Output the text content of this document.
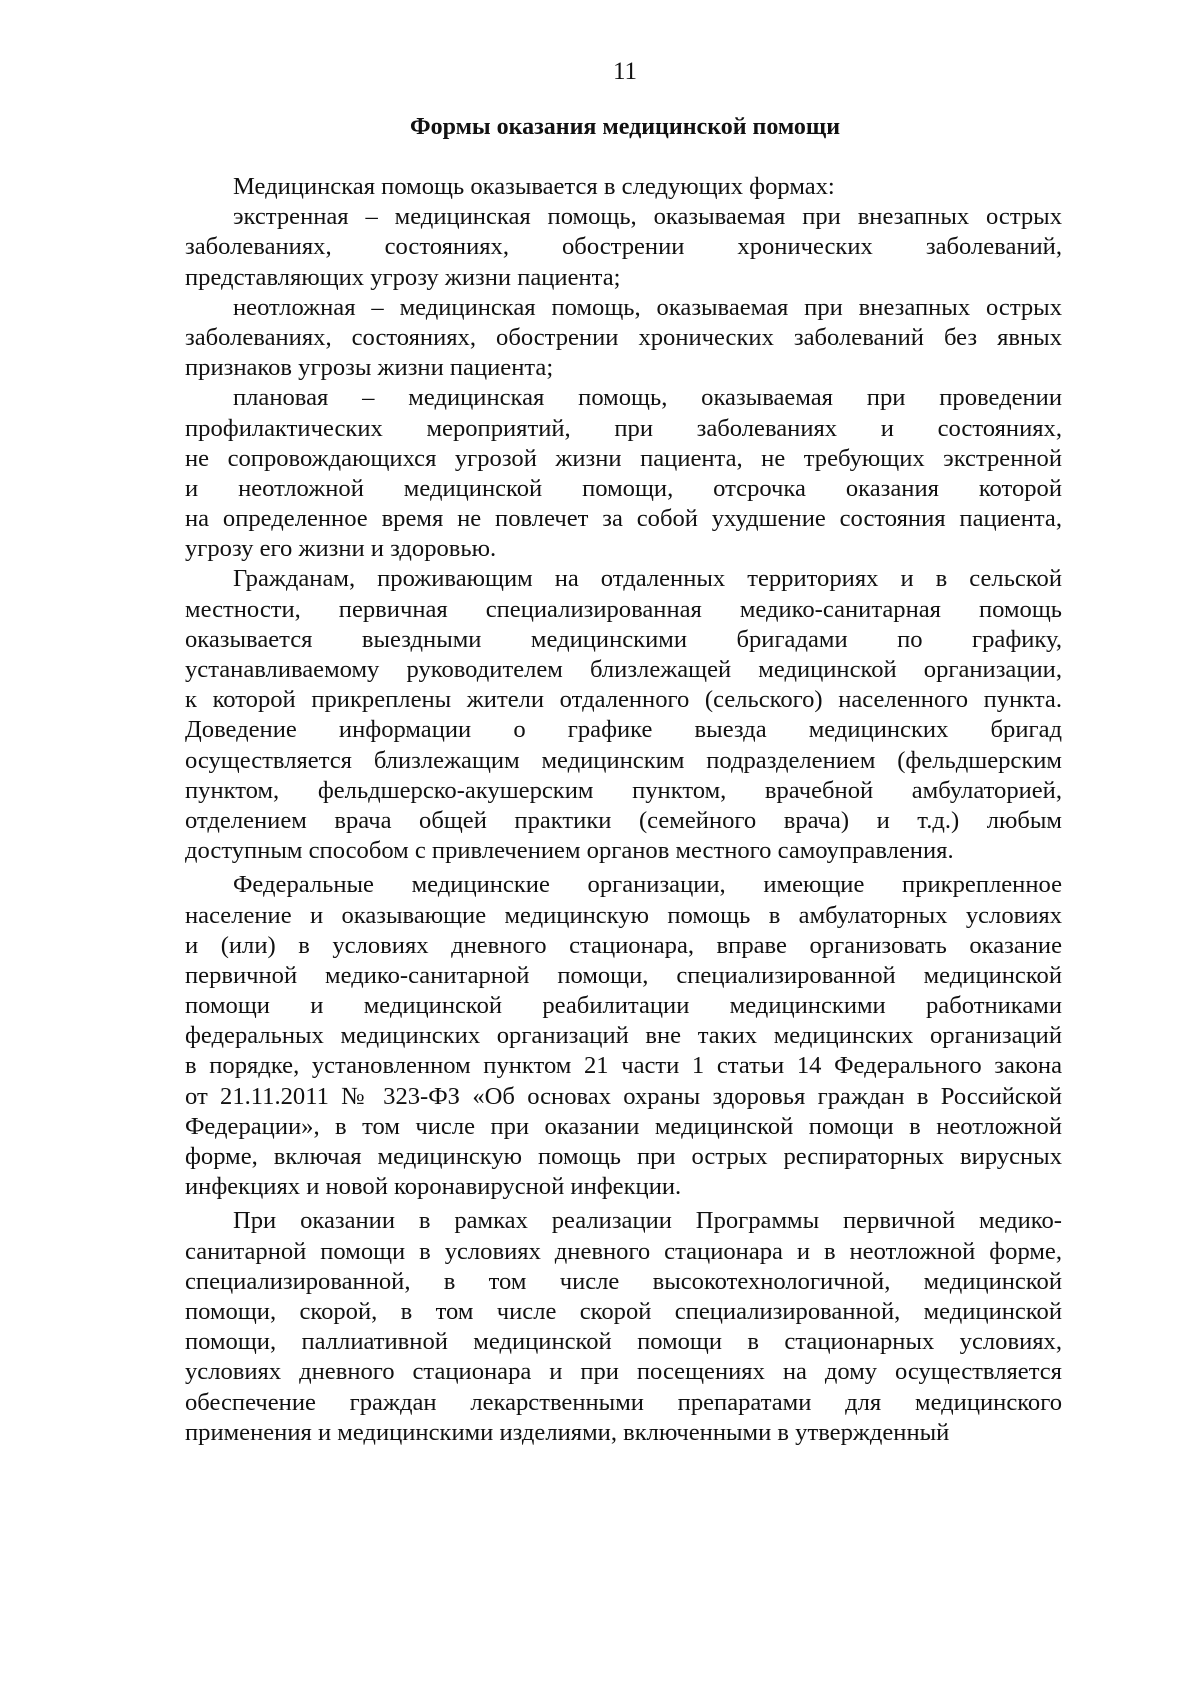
11
Формы оказания медицинской помощи
Медицинская помощь оказывается в следующих формах:
экстренная – медицинская помощь, оказываемая при внезапных острых
заболеваниях, состояниях, обострении хронических заболеваний,
представляющих угрозу жизни пациента;
неотложная – медицинская помощь, оказываемая при внезапных острых
заболеваниях, состояниях, обострении хронических заболеваний без явных
признаков угрозы жизни пациента;
плановая – медицинская помощь, оказываемая при проведении
профилактических мероприятий, при заболеваниях и состояниях,
не сопровождающихся угрозой жизни пациента, не требующих экстренной
и неотложной медицинской помощи, отсрочка оказания которой
на определенное время не повлечет за собой ухудшение состояния пациента,
угрозу его жизни и здоровью.
Гражданам, проживающим на отдаленных территориях и в сельской
местности, первичная специализированная медико-санитарная помощь
оказывается выездными медицинскими бригадами по графику,
устанавливаемому руководителем близлежащей медицинской организации,
к которой прикреплены жители отдаленного (сельского) населенного пункта.
Доведение информации о графике выезда медицинских бригад
осуществляется близлежащим медицинским подразделением (фельдшерским
пунктом, фельдшерско-акушерским пунктом, врачебной амбулаторией,
отделением врача общей практики (семейного врача) и т.д.) любым
доступным способом с привлечением органов местного самоуправления.
Федеральные медицинские организации, имеющие прикрепленное
население и оказывающие медицинскую помощь в амбулаторных условиях
и (или) в условиях дневного стационара, вправе организовать оказание
первичной медико-санитарной помощи, специализированной медицинской
помощи и медицинской реабилитации медицинскими работниками
федеральных медицинских организаций вне таких медицинских организаций
в порядке, установленном пунктом 21 части 1 статьи 14 Федерального закона
от 21.11.2011 № 323-ФЗ «Об основах охраны здоровья граждан в Российской
Федерации», в том числе при оказании медицинской помощи в неотложной
форме, включая медицинскую помощь при острых респираторных вирусных
инфекциях и новой коронавирусной инфекции.
При оказании в рамках реализации Программы первичной медико-
санитарной помощи в условиях дневного стационара и в неотложной форме,
специализированной, в том числе высокотехнологичной, медицинской
помощи, скорой, в том числе скорой специализированной, медицинской
помощи, паллиативной медицинской помощи в стационарных условиях,
условиях дневного стационара и при посещениях на дому осуществляется
обеспечение граждан лекарственными препаратами для медицинского
применения и медицинскими изделиями, включенными в утвержденный
